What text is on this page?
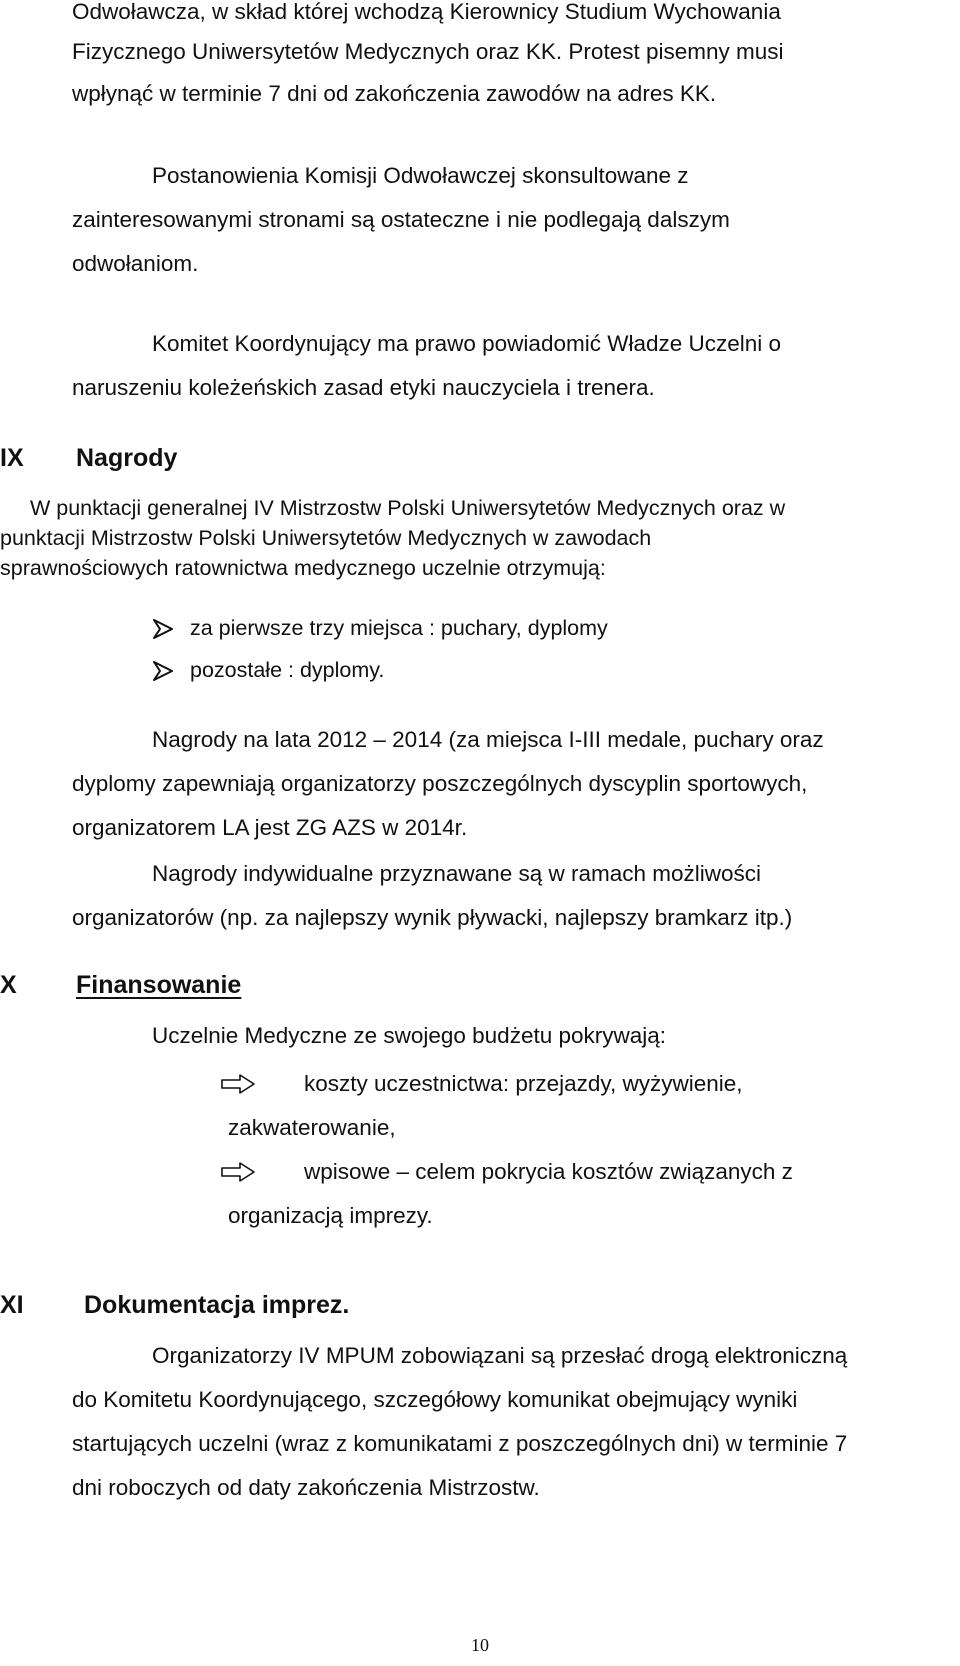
Odwoławcza, w skład której wchodzą Kierownicy Studium Wychowania
Fizycznego Uniwersytetów Medycznych oraz KK. Protest pisemny musi
wpłynąć w terminie 7 dni od zakończenia zawodów na adres KK.
Postanowienia Komisji Odwoławczej skonsultowane z
zainteresowanymi stronami są ostateczne i nie podlegają dalszym
odwołaniom.
Komitet Koordynujący ma prawo powiadomić Władze Uczelni o
naruszeniu koleżeńskich zasad etyki nauczyciela i trenera.
IX Nagrody
W punktacji generalnej IV Mistrzostw Polski Uniwersytetów Medycznych oraz w
punktacji Mistrzostw Polski Uniwersytetów Medycznych w zawodach
sprawnościowych ratownictwa medycznego uczelnie otrzymują:
za pierwsze trzy miejsca : puchary, dyplomy
pozostałe : dyplomy.
Nagrody na lata 2012 – 2014 (za miejsca I-III medale, puchary oraz
dyplomy zapewniają organizatorzy poszczególnych dyscyplin sportowych,
organizatorem LA jest ZG AZS w 2014r.
Nagrody indywidualne przyznawane są w ramach możliwości
organizatorów (np. za najlepszy wynik pływacki, najlepszy bramkarz itp.)
X Finansowanie
Uczelnie Medyczne ze swojego budżetu pokrywają:
koszty uczestnictwa: przejazdy, wyżywienie,
zakwaterowanie,
wpisowe – celem pokrycia kosztów związanych z
organizacją imprezy.
XI Dokumentacja imprez.
Organizatorzy IV MPUM zobowiązani są przesłać drogą elektroniczną
do Komitetu Koordynującego, szczegółowy komunikat obejmujący wyniki
startujących uczelni (wraz z komunikatami z poszczególnych dni) w terminie 7
dni roboczych od daty zakończenia Mistrzostw.
10
